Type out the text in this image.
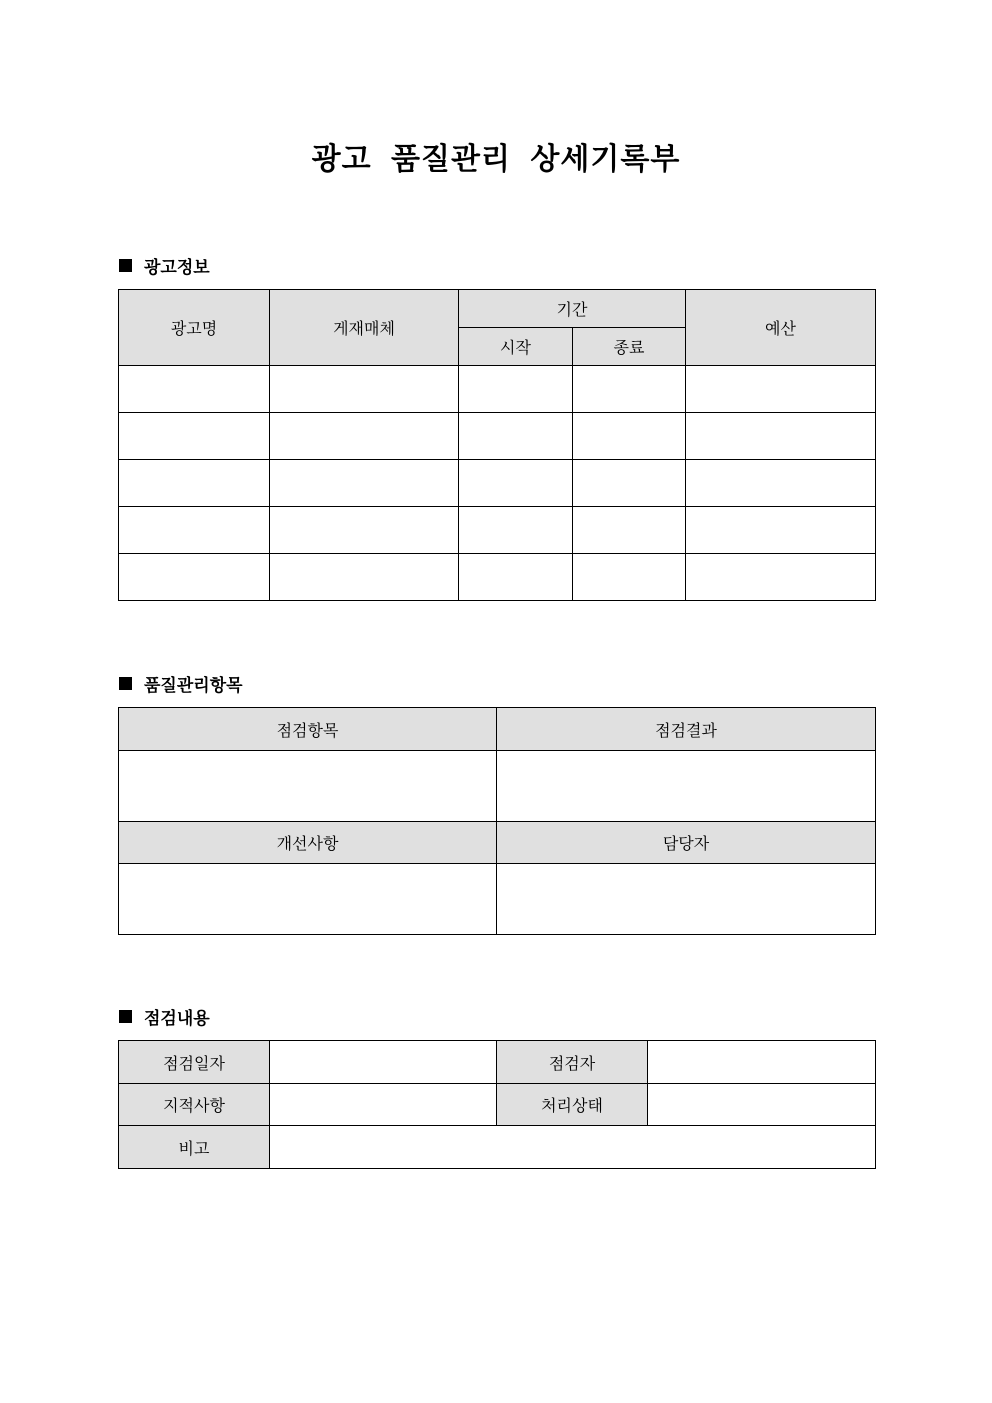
광고 품질관리 상세기록부
광고정보
광고명	게재매체	기간		예산
		시작	종료	

품질관리항목
점검항목	점검결과

개선사항	담당자

점검내용
점검일자		점검자	
지적사항		처리상태	
비고			
